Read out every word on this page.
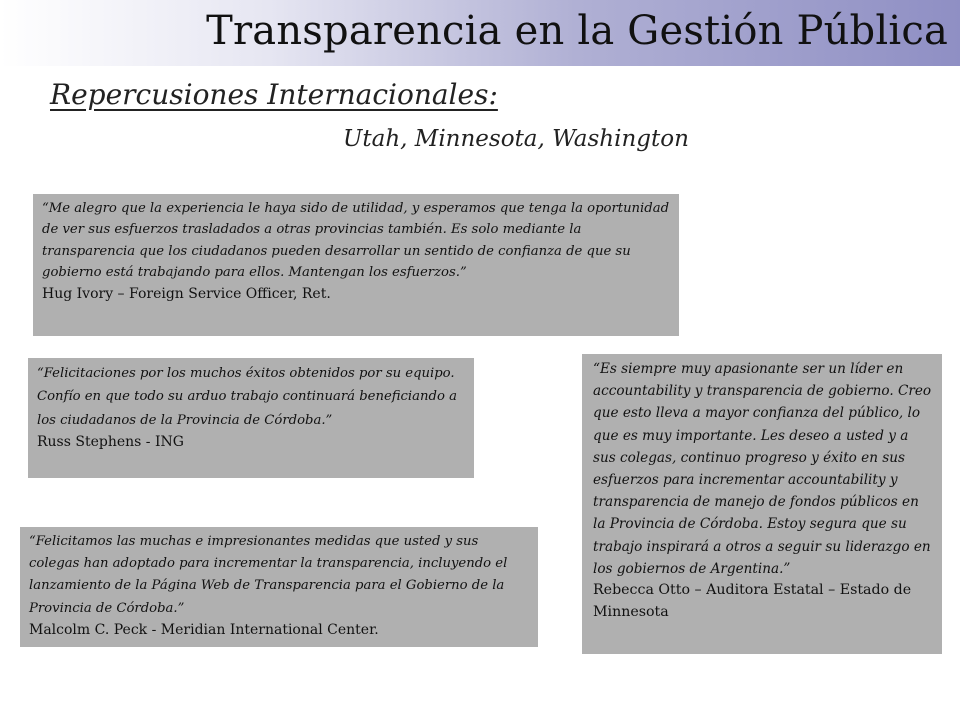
Transparencia en la Gestión Pública
Repercusiones Internacionales:
Utah, Minnesota, Washington

“Me alegro que la experiencia le haya sido de utilidad, y esperamos que tenga la oportunidad de ver sus esfuerzos trasladados a otras provincias también. Es solo mediante la transparencia que los ciudadanos pueden desarrollar un sentido de confianza de que su gobierno está trabajando para ellos. Mantengan los esfuerzos.”

Hug Ivory – Foreign Service Officer, Ret.

“Felicitaciones por los muchos éxitos obtenidos por su equipo. Confío en que todo su arduo trabajo continuará beneficiando a los ciudadanos de la Provincia de Córdoba.”

Russ Stephens - ING

“Felicitamos las muchas e impresionantes medidas que usted y sus colegas han adoptado para incrementar la transparencia, incluyendo el lanzamiento de la Página Web de Transparencia para el Gobierno de la Provincia de Córdoba.”

Malcolm C. Peck - Meridian International Center.

“Es siempre muy apasionante ser un líder en accountability y transparencia de gobierno. Creo que esto lleva a mayor confianza del público, lo que es muy importante. Les deseo a usted y a sus colegas, continuo progreso y éxito en sus esfuerzos para incrementar accountability y transparencia de manejo de fondos públicos en la Provincia de Córdoba. Estoy segura que su trabajo inspirará a otros a seguir su liderazgo en los gobiernos de Argentina.”

Rebecca Otto – Auditora Estatal – Estado de Minnesota
